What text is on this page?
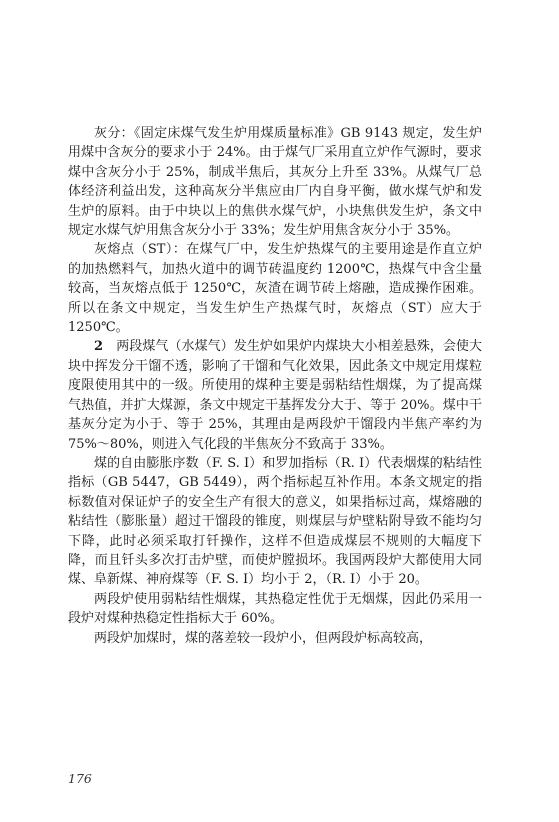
灰分：《固定床煤气发生炉用煤质量标准》GB 9143 规定，发生炉用煤中含灰分的要求小于 24%。由于煤气厂采用直立炉作气源时，要求煤中含灰分小于 25%，制成半焦后，其灰分上升至 33%。从煤气厂总体经济利益出发，这种高灰分半焦应由厂内自身平衡，做水煤气炉和发生炉的原料。由于中块以上的焦供水煤气炉，小块焦供发生炉，条文中规定水煤气炉用焦含灰分小于 33%；发生炉用焦含灰分小于 35%。

灰熔点（ST）：在煤气厂中，发生炉热煤气的主要用途是作直立炉的加热燃料气，加热火道中的调节砖温度约 1200℃，热煤气中含尘量较高，当灰熔点低于 1250℃，灰渣在调节砖上熔融，造成操作困难。所以在条文中规定，当发生炉生产热煤气时，灰熔点（ST）应大于 1250℃。

2　 两段煤气（水煤气）发生炉如果炉内煤块大小相差悬殊，会使大块中挥发分干馏不透，影响了干馏和气化效果，因此条文中规定用煤粒度限使用其中的一级。所使用的煤种主要是弱粘结性烟煤，为了提高煤气热值，并扩大煤源，条文中规定干基挥发分大于、等于 20%。煤中干基灰分定为小于、等于 25%，其理由是两段炉干馏段内半焦产率约为 75%～80%，则进入气化段的半焦灰分不致高于 33%。

煤的自由膨胀序数（F. S. I）和罗加指标（R. I）代表烟煤的粘结性指标（GB 5447，GB 5449），两个指标起互补作用。本条文规定的指标数值对保证炉子的安全生产有很大的意义，如果指标过高，煤熔融的粘结性（膨胀量）超过干馏段的锥度，则煤层与炉壁粘附导致不能均匀下降，此时必须采取打钎操作，这样不但造成煤层不规则的大幅度下降，而且钎头多次打击炉壁，而使炉膛损坏。我国两段炉大都使用大同煤、阜新煤、神府煤等（F. S. I）均小于 2，（R. I）小于 20。

两段炉使用弱粘结性烟煤，其热稳定性优于无烟煤，因此仍采用一段炉对煤种热稳定性指标大于 60%。

两段炉加煤时，煤的落差较一段炉小，但两段炉标高较高，

176
